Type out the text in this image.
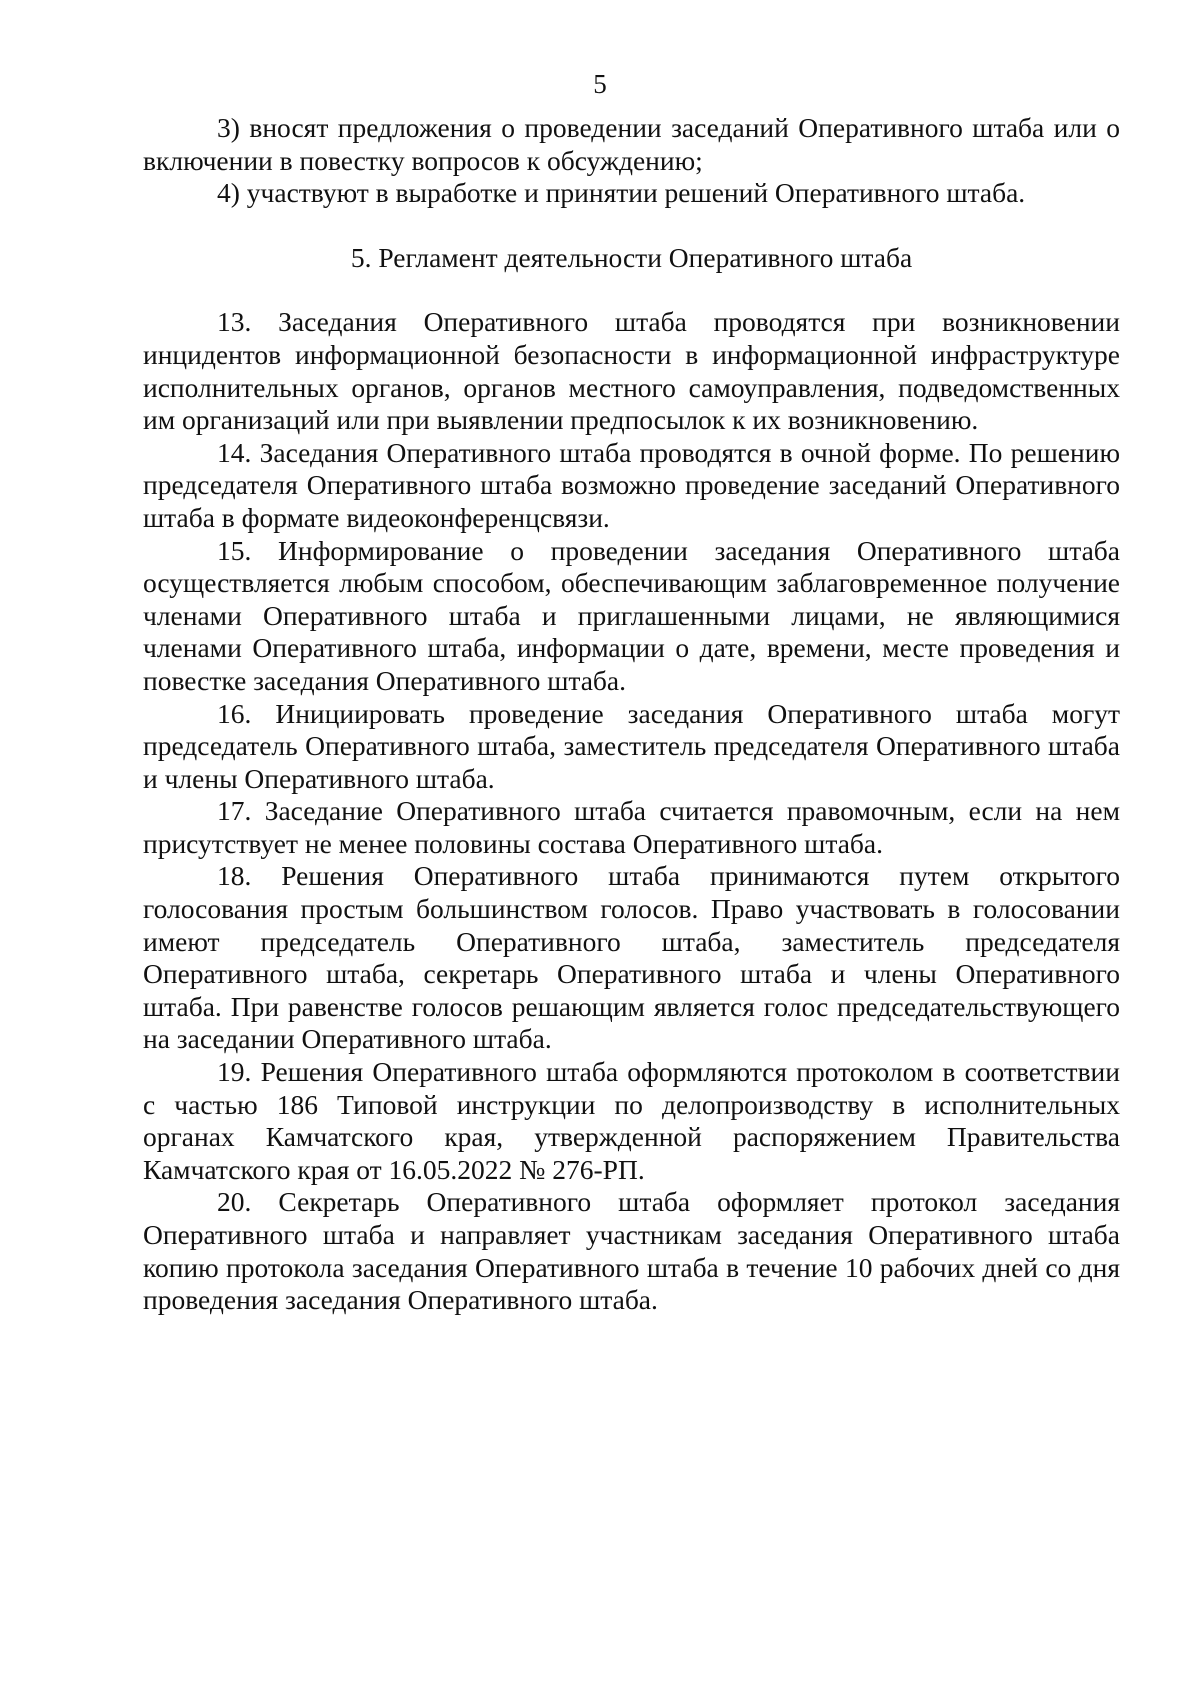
5

3) вносят предложения о проведении заседаний Оперативного штаба или о включении в повестку вопросов к обсуждению;

4) участвуют в выработке и принятии решений Оперативного штаба.

5. Регламент деятельности Оперативного штаба

13. Заседания Оперативного штаба проводятся при возникновении инцидентов информационной безопасности в информационной инфраструктуре исполнительных органов, органов местного самоуправления, подведомственных им организаций или при выявлении предпосылок к их возникновению.

14. Заседания Оперативного штаба проводятся в очной форме. По решению председателя Оперативного штаба возможно проведение заседаний Оперативного штаба в формате видеоконференцсвязи.

15. Информирование о проведении заседания Оперативного штаба осуществляется любым способом, обеспечивающим заблаговременное получение членами Оперативного штаба и приглашенными лицами, не являющимися членами Оперативного штаба, информации о дате, времени, месте проведения и повестке заседания Оперативного штаба.

16. Инициировать проведение заседания Оперативного штаба могут председатель Оперативного штаба, заместитель председателя Оперативного штаба и члены Оперативного штаба.

17. Заседание Оперативного штаба считается правомочным, если на нем присутствует не менее половины состава Оперативного штаба.

18. Решения Оперативного штаба принимаются путем открытого голосования простым большинством голосов. Право участвовать в голосовании имеют председатель Оперативного штаба, заместитель председателя Оперативного штаба, секретарь Оперативного штаба и члены Оперативного штаба. При равенстве голосов решающим является голос председательствующего на заседании Оперативного штаба.

19. Решения Оперативного штаба оформляются протоколом в соответствии с частью 186 Типовой инструкции по делопроизводству в исполнительных органах Камчатского края, утвержденной распоряжением Правительства Камчатского края от 16.05.2022 № 276-РП.

20. Секретарь Оперативного штаба оформляет протокол заседания Оперативного штаба и направляет участникам заседания Оперативного штаба копию протокола заседания Оперативного штаба в течение 10 рабочих дней со дня проведения заседания Оперативного штаба.
